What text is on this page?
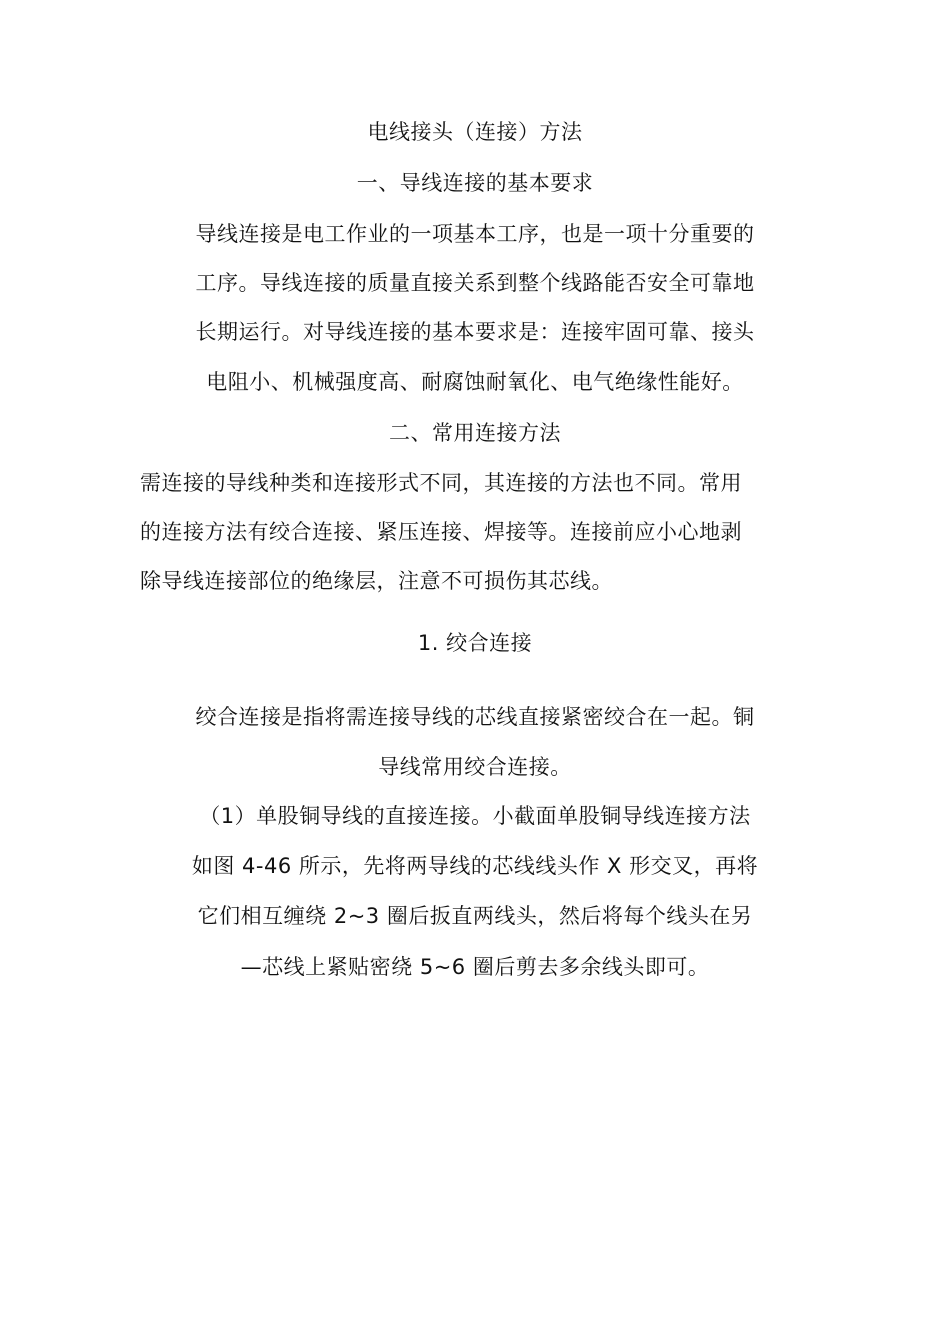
电线接头（连接）方法
一、导线连接的基本要求
导线连接是电工作业的一项基本工序，也是一项十分重要的
工序。导线连接的质量直接关系到整个线路能否安全可靠地
长期运行。对导线连接的基本要求是：连接牢固可靠、接头
电阻小、机械强度高、耐腐蚀耐氧化、电气绝缘性能好。
二、常用连接方法
需连接的导线种类和连接形式不同，其连接的方法也不同。常用
的连接方法有绞合连接、紧压连接、焊接等。连接前应小心地剥
除导线连接部位的绝缘层，注意不可损伤其芯线。
1. 绞合连接
绞合连接是指将需连接导线的芯线直接紧密绞合在一起。铜
导线常用绞合连接。
（1）单股铜导线的直接连接。小截面单股铜导线连接方法
如图 4-46 所示，先将两导线的芯线线头作 X 形交叉，再将
它们相互缠绕 2~3 圈后扳直两线头，然后将每个线头在另
—芯线上紧贴密绕 5~6 圈后剪去多余线头即可。
